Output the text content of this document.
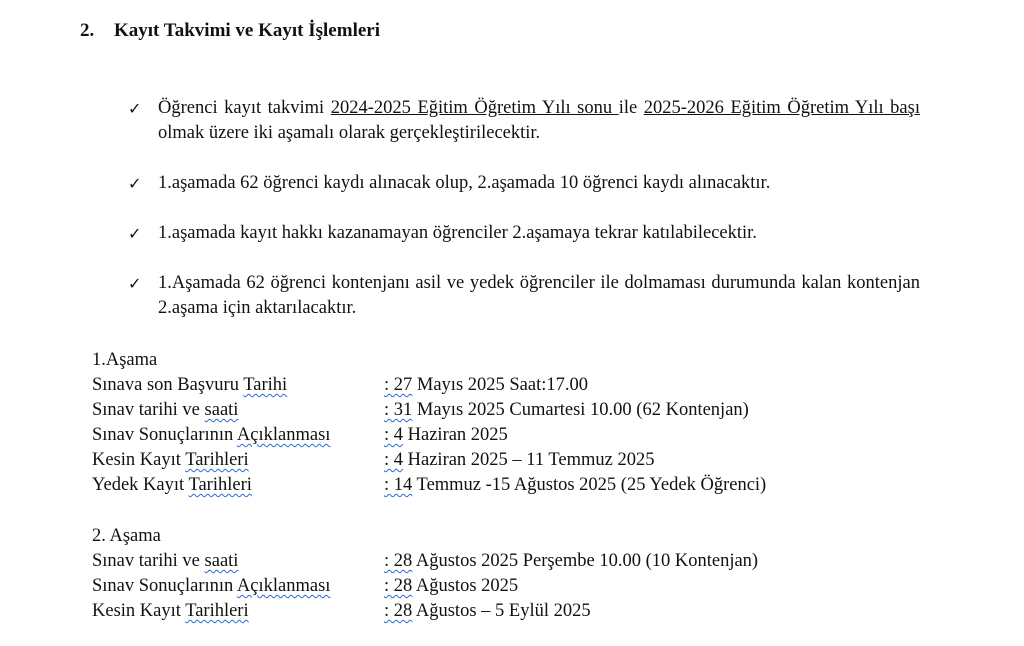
2. Kayıt Takvimi ve Kayıt İşlemleri
✓ Öğrenci kayıt takvimi 2024-2025 Eğitim Öğretim Yılı sonu ile 2025-2026 Eğitim Öğretim Yılı başı olmak üzere iki aşamalı olarak gerçekleştirilecektir.
✓ 1.aşamada 62 öğrenci kaydı alınacak olup, 2.aşamada 10 öğrenci kaydı alınacaktır.
✓ 1.aşamada kayıt hakkı kazanamayan öğrenciler 2.aşamaya tekrar katılabilecektir.
✓ 1.Aşamada 62 öğrenci kontenjanı asil ve yedek öğrenciler ile dolmaması durumunda kalan kontenjan 2.aşama için aktarılacaktır.
1.Aşama
Sınava son Başvuru Tarihi	: 27 Mayıs 2025 Saat:17.00
Sınav tarihi ve saati	: 31 Mayıs 2025 Cumartesi 10.00 (62 Kontenjan)
Sınav Sonuçlarının Açıklanması	: 4 Haziran 2025
Kesin Kayıt Tarihleri	: 4 Haziran 2025 – 11 Temmuz 2025
Yedek Kayıt Tarihleri	: 14 Temmuz -15 Ağustos 2025 (25 Yedek Öğrenci)
2. Aşama
Sınav tarihi ve saati	: 28 Ağustos 2025 Perşembe 10.00 (10 Kontenjan)
Sınav Sonuçlarının Açıklanması	: 28 Ağustos 2025
Kesin Kayıt Tarihleri	: 28 Ağustos – 5 Eylül 2025
